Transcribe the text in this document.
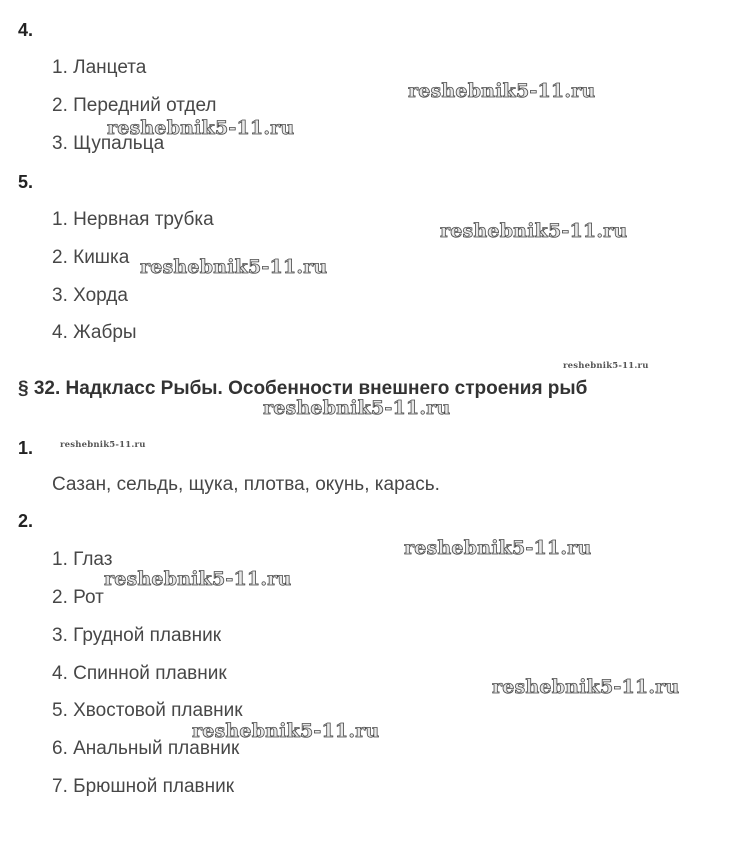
4.
1. Ланцета
2. Передний отдел
3. Щупальца
5.
1. Нервная трубка
2. Кишка
3. Хорда
4. Жабры
§ 32. Надкласс Рыбы. Особенности внешнего строения рыб
1.
Сазан, сельдь, щука, плотва, окунь, карась.
2.
1. Глаз
2. Рот
3. Грудной плавник
4. Спинной плавник
5. Хвостовой плавник
6. Анальный плавник
7. Брюшной плавник
reshebnik5-11.ru
reshebnik5-11.ru
reshebnik5-11.ru
reshebnik5-11.ru
reshebnik5-11.ru
reshebnik5-11.ru
reshebnik5-11.ru
reshebnik5-11.ru
reshebnik5-11.ru
reshebnik5-11.ru
reshebnik5-11.ru
